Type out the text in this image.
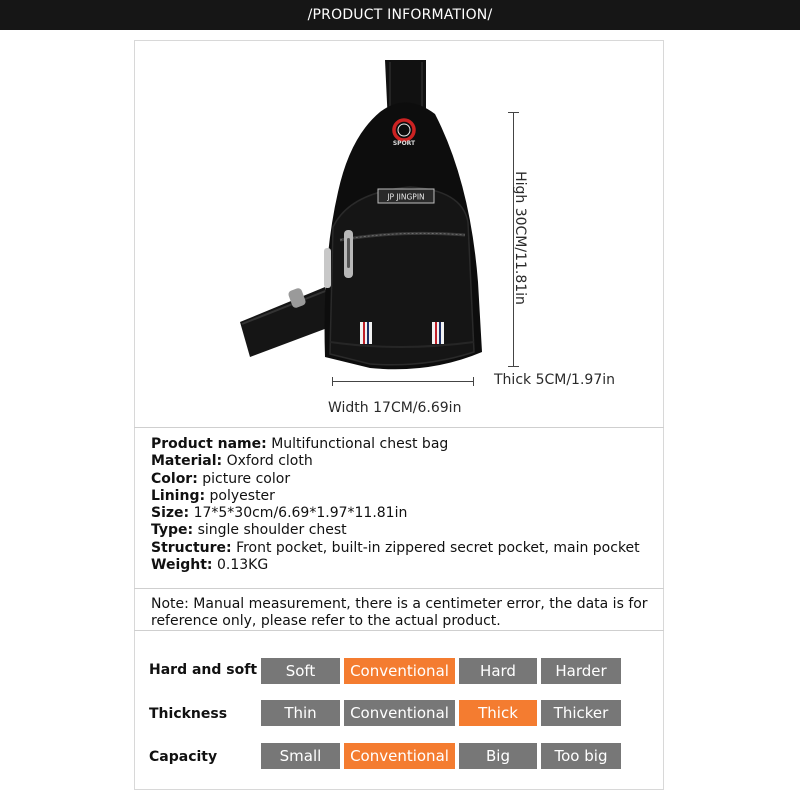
/PRODUCT INFORMATION/
JP JINGPIN
SPORT
High 30CM/11.81in
Thick 5CM/1.97in
Width 17CM/6.69in
Product name: Multifunctional chest bag
Material: Oxford cloth
Color: picture color
Lining: polyester
Size: 17*5*30cm/6.69*1.97*11.81in
Type: single shoulder chest
Structure: Front pocket, built-in zippered secret pocket, main pocket
Weight: 0.13KG
Note: Manual measurement, there is a centimeter error, the data is for reference only, please refer to the actual product.
Hard and soft	Soft	Conventional	Hard	Harder
Thickness	Thin	Conventional	Thick	Thicker
Capacity	Small	Conventional	Big	Too big
